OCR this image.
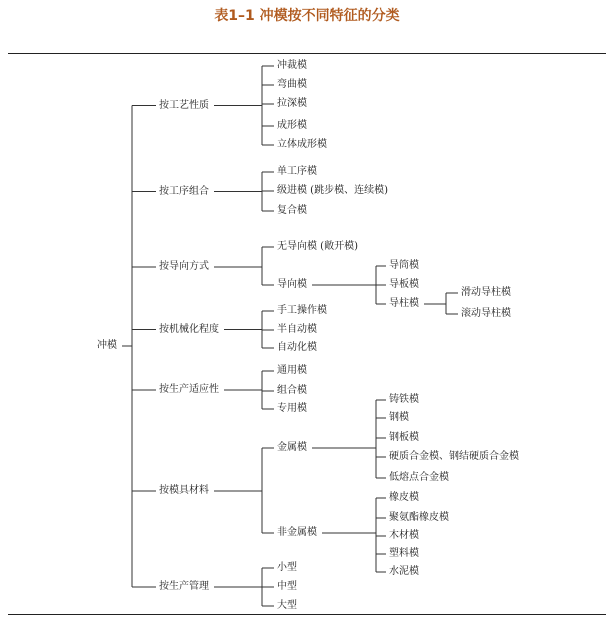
表1–1 冲模按不同特征的分类
冲模
按工艺性质
冲裁模
弯曲模
拉深模
成形模
立体成形模
按工序组合
单工序模
级进模 (跳步模、连续模)
复合模
按导向方式
无导向模 (敞开模)
导向模
导筒模
导板模
导柱模
滑动导柱模
滚动导柱模
按机械化程度
手工操作模
半自动模
自动化模
按生产适应性
通用模
组合模
专用模
按模具材料
金属模
铸铁模
钢模
钢板模
硬质合金模、钢结硬质合金模
低熔点合金模
非金属模
橡皮模
聚氨酯橡皮模
木材模
塑料模
水泥模
按生产管理
小型
中型
大型
